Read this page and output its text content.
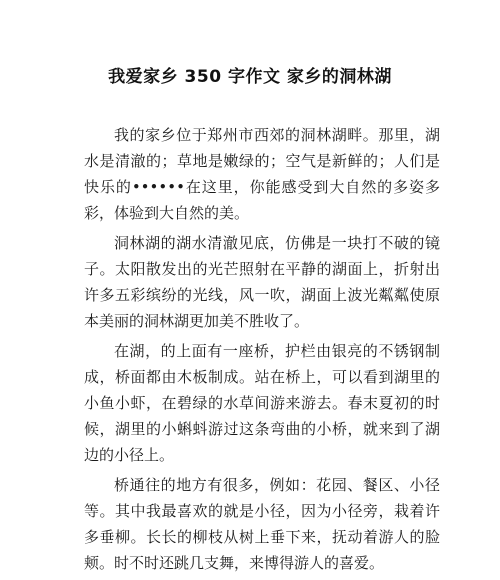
我爱家乡 350 字作文 家乡的洞林湖

我的家乡位于郑州市西郊的洞林湖畔。那里，湖水是清澈的；草地是嫩绿的；空气是新鲜的；人们是快乐的••••••在这里，你能感受到大自然的多姿多彩，体验到大自然的美。

洞林湖的湖水清澈见底，仿佛是一块打不破的镜子。太阳散发出的光芒照射在平静的湖面上，折射出许多五彩缤纷的光线，风一吹，湖面上波光粼粼使原本美丽的洞林湖更加美不胜收了。

在湖，的上面有一座桥，护栏由银亮的不锈钢制成，桥面都由木板制成。站在桥上，可以看到湖里的小鱼小虾，在碧绿的水草间游来游去。春末夏初的时候，湖里的小蝌蚪游过这条弯曲的小桥，就来到了湖边的小径上。

桥通往的地方有很多，例如：花园、餐区、小径等。其中我最喜欢的就是小径，因为小径旁，栽着许多垂柳。长长的柳枝从树上垂下来，抚动着游人的脸颊。时不时还跳几支舞，来博得游人的喜爱。
